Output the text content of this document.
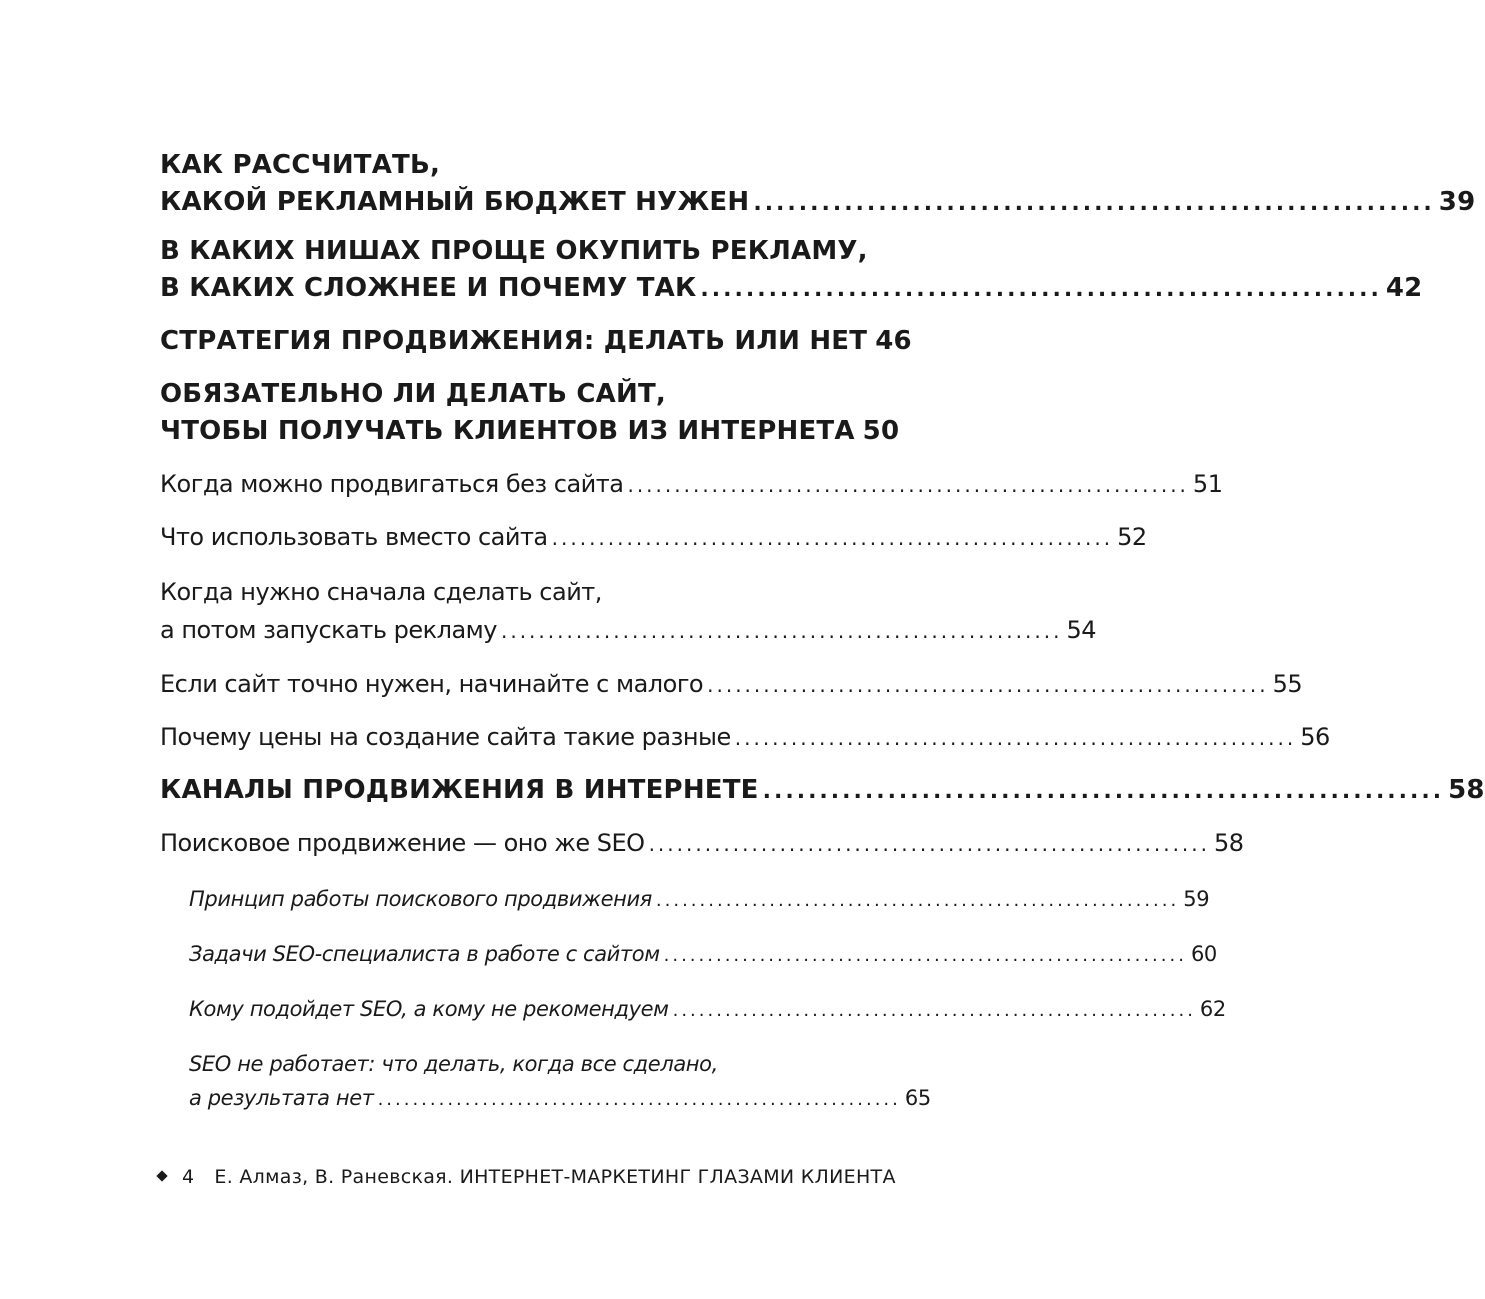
КАК РАССЧИТАТЬ,
КАКОЙ РЕКЛАМНЫЙ БЮДЖЕТ НУЖЕН ............................................................ 39
В КАКИХ НИШАХ ПРОЩЕ ОКУПИТЬ РЕКЛАМУ,
В КАКИХ СЛОЖНЕЕ И ПОЧЕМУ ТАК ............................................................ 42
СТРАТЕГИЯ ПРОДВИЖЕНИЯ: ДЕЛАТЬ ИЛИ НЕТ 46
ОБЯЗАТЕЛЬНО ЛИ ДЕЛАТЬ САЙТ,
ЧТОБЫ ПОЛУЧАТЬ КЛИЕНТОВ ИЗ ИНТЕРНЕТА 50
Когда можно продвигаться без сайта ............................................................ 51
Что использовать вместо сайта ............................................................ 52
Когда нужно сначала сделать сайт,
а потом запускать рекламу ............................................................ 54
Если сайт точно нужен, начинайте с малого ............................................................ 55
Почему цены на создание сайта такие разные ............................................................ 56
КАНАЛЫ ПРОДВИЖЕНИЯ В ИНТЕРНЕТЕ ............................................................ 58
Поисковое продвижение — оно же SEO ............................................................ 58
Принцип работы поискового продвижения ............................................................ 59
Задачи SEO-специалиста в работе с сайтом ............................................................ 60
Кому подойдет SEO, а кому не рекомендуем ............................................................ 62
SEO не работает: что делать, когда все сделано,
а результата нет ............................................................ 65
4 Е. Алмаз, В. Раневская. ИНТЕРНЕТ-МАРКЕТИНГ ГЛАЗАМИ КЛИЕНТА
